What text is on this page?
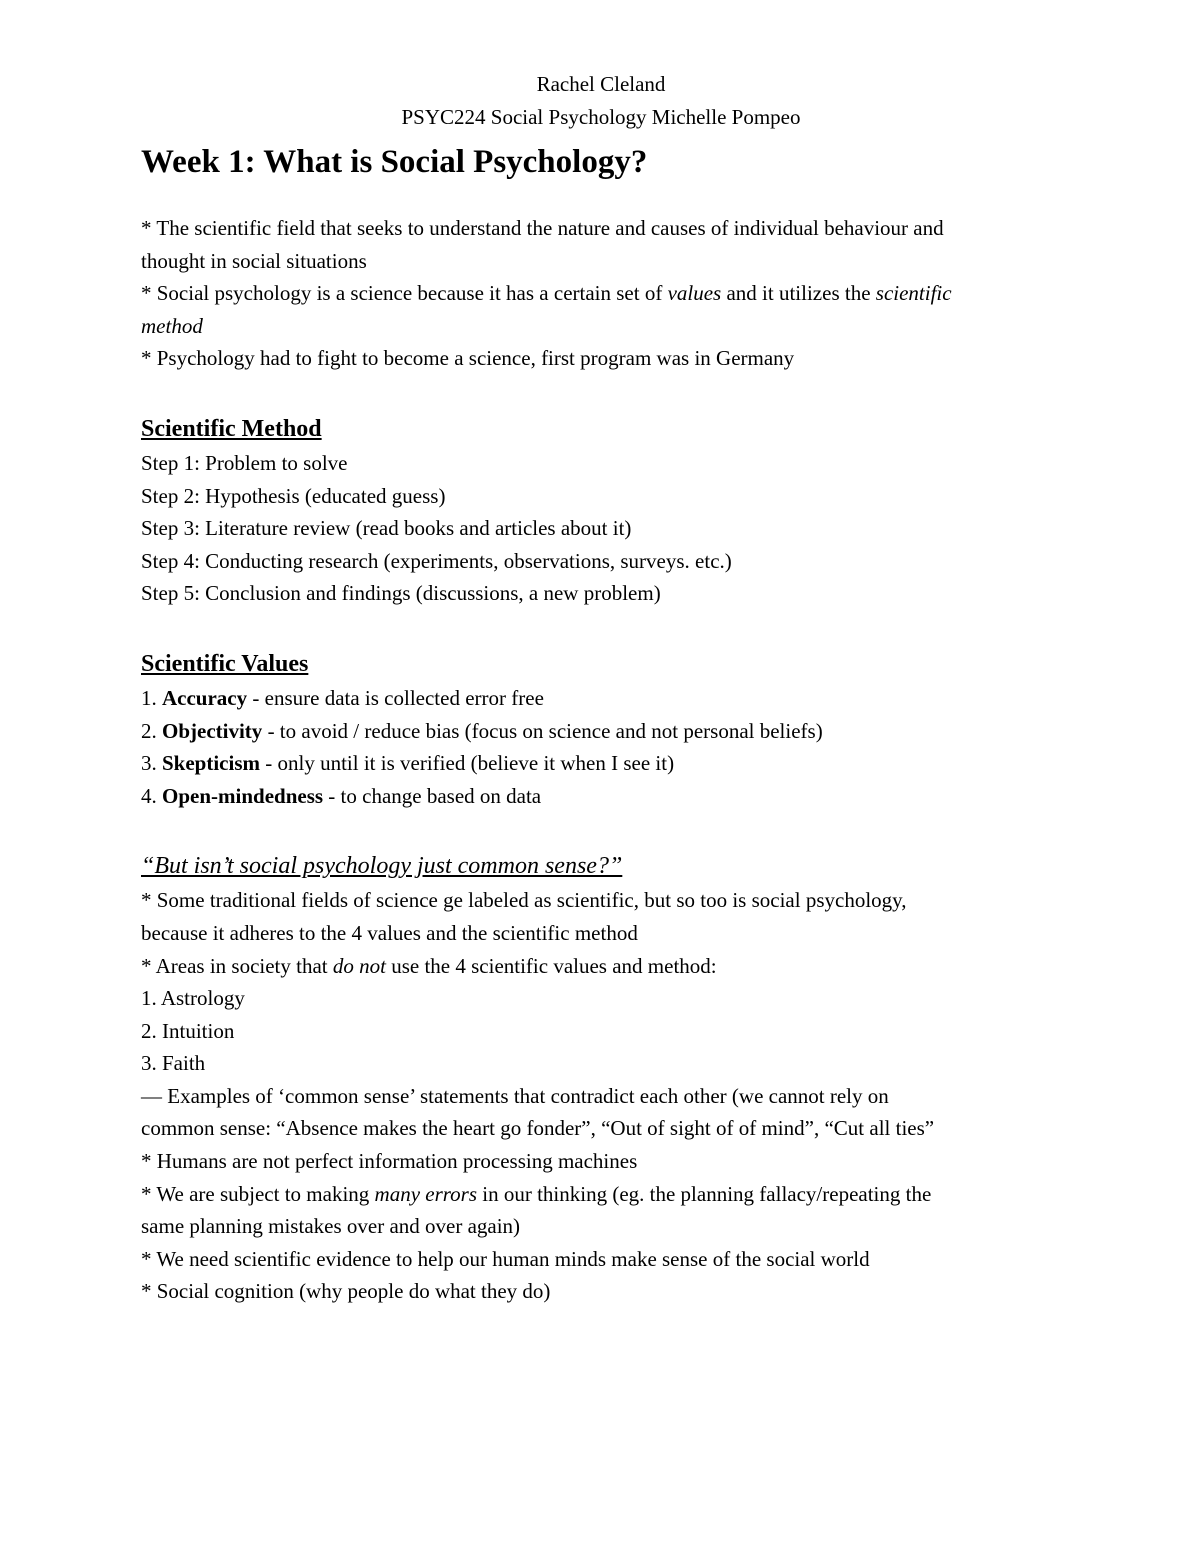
Rachel Cleland
PSYC224 Social Psychology Michelle Pompeo
Week 1: What is Social Psychology?
* The scientific field that seeks to understand the nature and causes of individual behaviour and
thought in social situations
* Social psychology is a science because it has a certain set of values and it utilizes the scientific
method
* Psychology had to fight to become a science, first program was in Germany
Scientific Method
Step 1: Problem to solve
Step 2: Hypothesis (educated guess)
Step 3: Literature review (read books and articles about it)
Step 4: Conducting research (experiments, observations, surveys. etc.)
Step 5: Conclusion and findings (discussions, a new problem)
Scientific Values
1. Accuracy - ensure data is collected error free
2. Objectivity - to avoid / reduce bias (focus on science and not personal beliefs)
3. Skepticism - only until it is verified (believe it when I see it)
4. Open-mindedness - to change based on data
“But isn’t social psychology just common sense?”
* Some traditional fields of science ge labeled as scientific, but so too is social psychology,
because it adheres to the 4 values and the scientific method
* Areas in society that do not use the 4 scientific values and method:
1. Astrology
2. Intuition
3. Faith
— Examples of ‘common sense’ statements that contradict each other (we cannot rely on
common sense: “Absence makes the heart go fonder”, “Out of sight of of mind”, “Cut all ties”
* Humans are not perfect information processing machines
* We are subject to making many errors in our thinking (eg. the planning fallacy/repeating the
same planning mistakes over and over again)
* We need scientific evidence to help our human minds make sense of the social world
* Social cognition (why people do what they do)
